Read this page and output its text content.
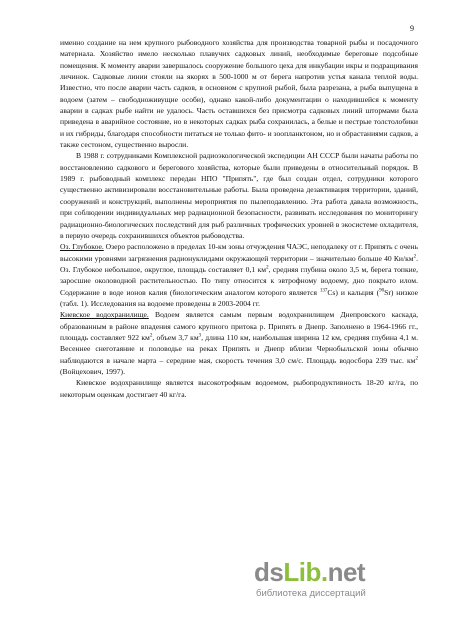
9

именно создание на нем крупного рыбоводного хозяйства для производства товарной рыбы и посадочного материала. Хозяйство имело несколько плавучих садковых линий, необходимые береговые подсобные помещения. К моменту аварии завершалось сооружение большого цеха для инкубации икры и подращивания личинок. Садковые линии стояли на якорях в 500-1000 м от берега напротив устья канала теплой воды. Известно, что после аварии часть садков, в основном с крупной рыбой, была разрезана, а рыба выпущена в водоем (затем – свободноживущие особи), однако какой-либо документации о находившейся к моменту аварии в садках рыбе найти не удалось. Часть оставшихся без присмотра садковых линий штормами была приведена в аварийное состояние, но в некоторых садках рыба сохранилась, а белые и пестрые толстолобики и их гибриды, благодаря способности питаться не только фито- и зоопланктоном, но и обрастаниями садков, а также сестоном, существенно выросли.

В 1988 г. сотрудниками Комплексной радиоэкологической экспедиции АН СССР были начаты работы по восстановлению садкового и берегового хозяйства, которые были приведены в относительный порядок. В 1989 г. рыбоводный комплекс передан НПО "Припять", где был создан отдел, сотрудники которого существенно активизировали восстановительные работы. Была проведена дезактивация территории, зданий, сооружений и конструкций, выполнены мероприятия по пылеподавлению. Эта работа давала возможность, при соблюдении индивидуальных мер радиационной безопасности, развивать исследования по мониторингу радиационно-биологических последствий для рыб различных трофических уровней в экосистеме охладителя, в первую очередь сохранившихся объектов рыбоводства.

Оз. Глубокое. Озеро расположено в пределах 10-км зоны отчуждения ЧАЭС, неподалеку от г. Припять с очень высокими уровнями загрязнения радионуклидами окружающей территории – значительно больше 40 $Ки/км^2$. Оз. Глубокое небольшое, округлое, площадь составляет 0,1 $км^2$, средняя глубина около 3,5 м, берега топкие, заросшие околоводной растительностью. По типу относится к эвтрофному водоему, дно покрыто илом. Содержание в воде ионов калия (биологическим аналогом которого является $^{137}$Cs) и кальция ($^{90}$Sr) низкое (табл. 1). Исследования на водоеме проведены в 2003-2004 гг.

Киевское водохранилище. Водоем является самым первым водохранилищем Днепровского каскада, образованным в районе впадения самого крупного притока р. Припять в Днепр. Заполнено в 1964-1966 гг., площадь составляет 922 $км^2$, объем 3,7 $км^3$, длина 110 км, наибольшая ширина 12 км, средняя глубина 4,1 м. Весеннее снеготаяние и половодье на реках Припять и Днепр вблизи Чернобыльской зоны обычно наблюдаются в начале марта – середине мая, скорость течения 3,0 см/с. Площадь водосбора 239 тыс. $км^2$ (Войцехович, 1997).

Киевское водохранилище является высокотрофным водоемом, рыбопродуктивность 18-20 кг/га, по некоторым оценкам достигает 40 кг/га.

dsLib.net
библиотека диссертаций
